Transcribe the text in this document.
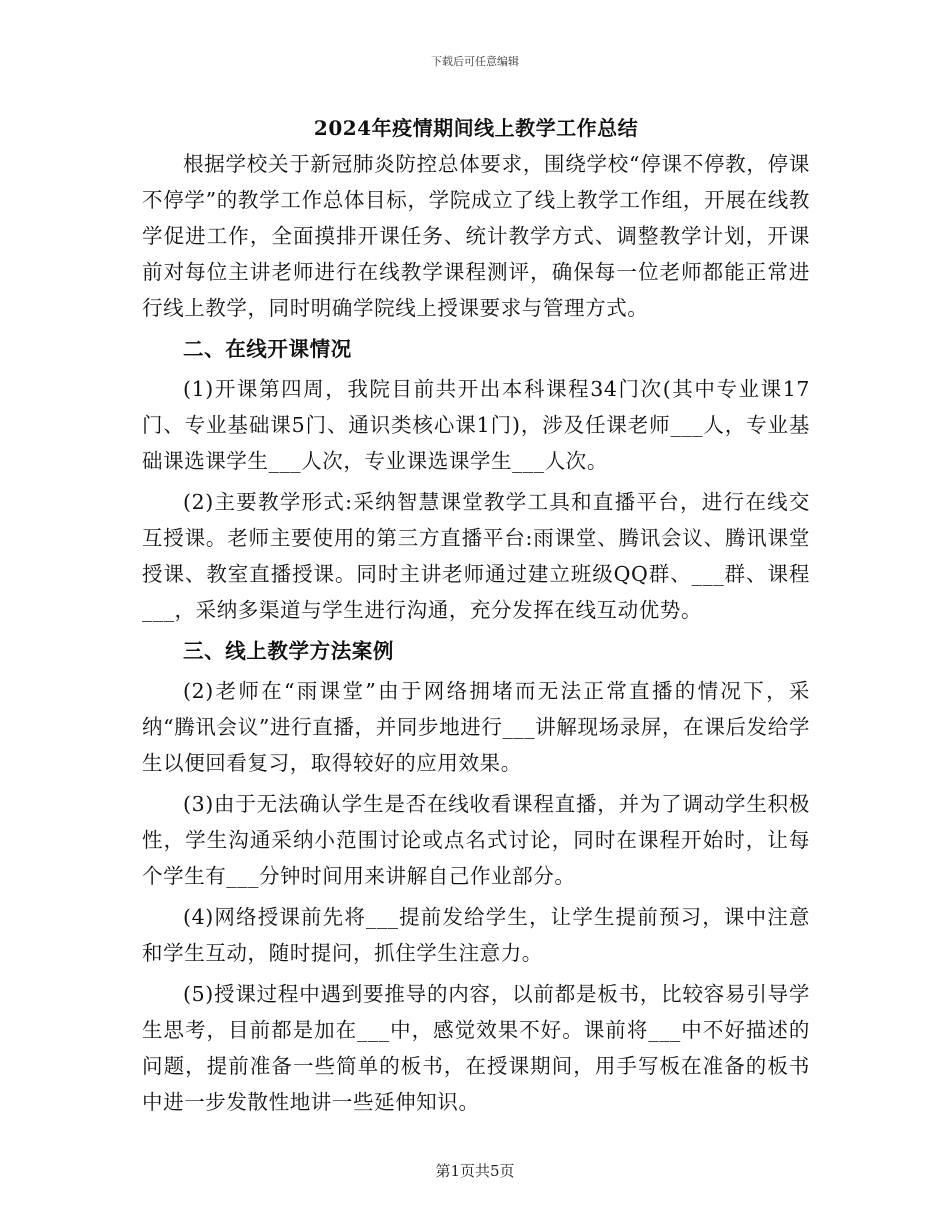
下载后可任意编辑
2024年疫情期间线上教学工作总结

根据学校关于新冠肺炎防控总体要求，围绕学校“停课不停教，停课不停学”的教学工作总体目标，学院成立了线上教学工作组，开展在线教学促进工作，全面摸排开课任务、统计教学方式、调整教学计划，开课前对每位主讲老师进行在线教学课程测评，确保每一位老师都能正常进行线上教学，同时明确学院线上授课要求与管理方式。

二、在线开课情况

(1)开课第四周，我院目前共开出本科课程34门次(其中专业课17门、专业基础课5门、通识类核心课1门)，涉及任课老师___人，专业基础课选课学生___人次，专业课选课学生___人次。

(2)主要教学形式:采纳智慧课堂教学工具和直播平台，进行在线交互授课。老师主要使用的第三方直播平台:雨课堂、腾讯会议、腾讯课堂授课、教室直播授课。同时主讲老师通过建立班级QQ群、___群、课程___，采纳多渠道与学生进行沟通，充分发挥在线互动优势。

三、线上教学方法案例

(2)老师在“雨课堂”由于网络拥堵而无法正常直播的情况下，采纳“腾讯会议”进行直播，并同步地进行___讲解现场录屏，在课后发给学生以便回看复习，取得较好的应用效果。

(3)由于无法确认学生是否在线收看课程直播，并为了调动学生积极性，学生沟通采纳小范围讨论或点名式讨论，同时在课程开始时，让每个学生有___分钟时间用来讲解自己作业部分。

(4)网络授课前先将___提前发给学生，让学生提前预习，课中注意和学生互动，随时提问，抓住学生注意力。

(5)授课过程中遇到要推导的内容，以前都是板书，比较容易引导学生思考，目前都是加在___中，感觉效果不好。课前将___中不好描述的问题，提前准备一些简单的板书，在授课期间，用手写板在准备的板书中进一步发散性地讲一些延伸知识。

第1页共5页
